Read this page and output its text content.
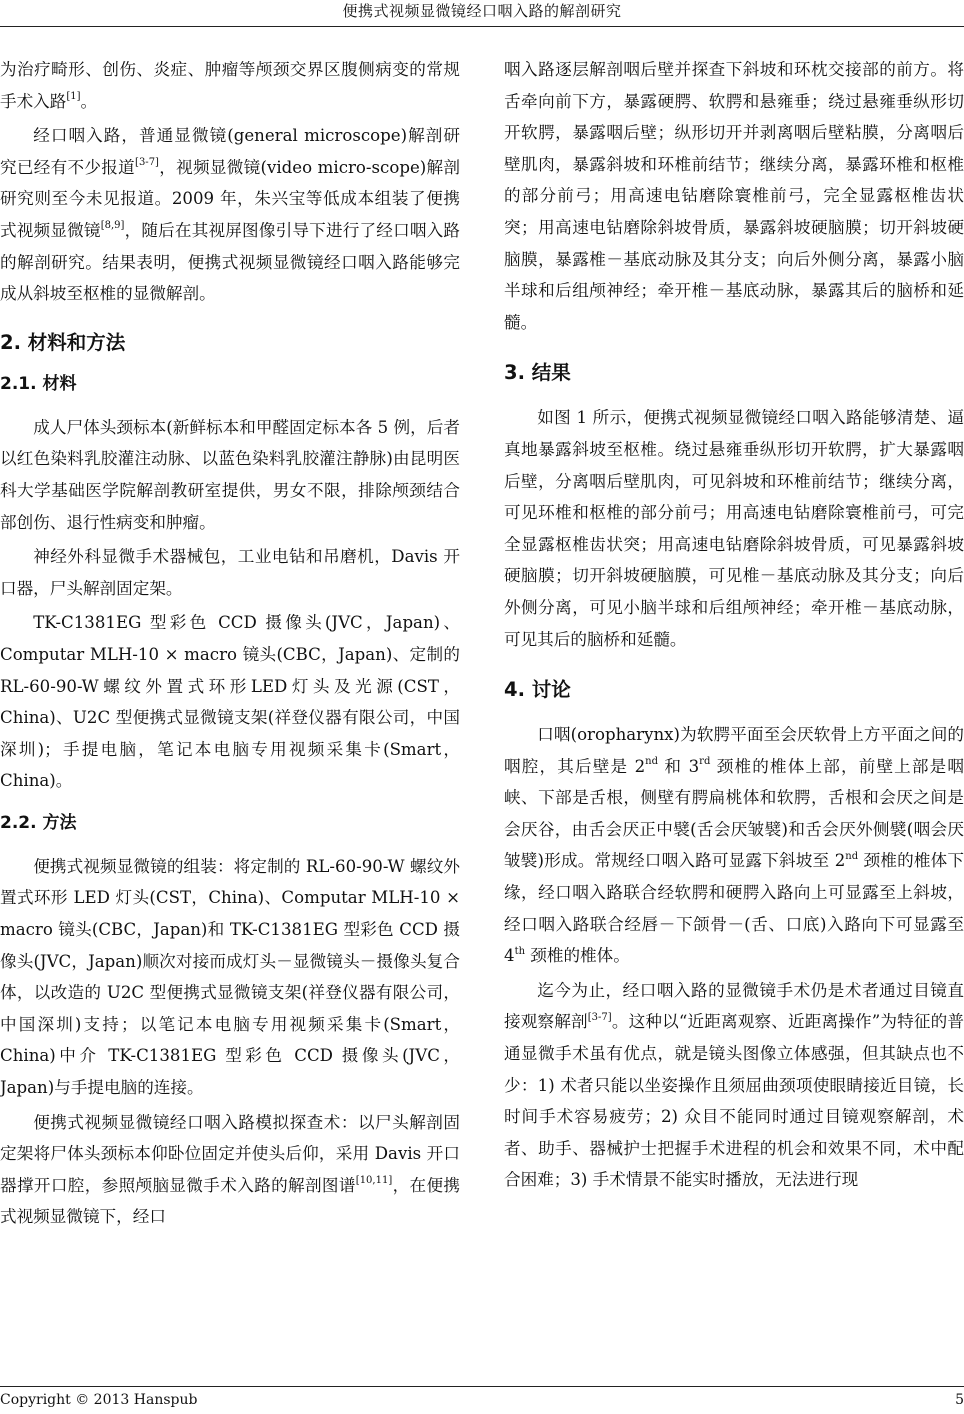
便携式视频显微镜经口咽入路的解剖研究

为治疗畸形、创伤、炎症、肿瘤等颅颈交界区腹侧病变的常规手术入路[1]。

经口咽入路，普通显微镜(general microscope)解剖研究已经有不少报道[3-7]，视频显微镜(video micro-scope)解剖研究则至今未见报道。2009 年，朱兴宝等低成本组装了便携式视频显微镜[8,9]，随后在其视屏图像引导下进行了经口咽入路的解剖研究。结果表明，便携式视频显微镜经口咽入路能够完成从斜坡至枢椎的显微解剖。

2. 材料和方法
2.1. 材料

成人尸体头颈标本(新鲜标本和甲醛固定标本各 5 例，后者以红色染料乳胶灌注动脉、以蓝色染料乳胶灌注静脉)由昆明医科大学基础医学院解剖教研室提供，男女不限，排除颅颈结合部创伤、退行性病变和肿瘤。

神经外科显微手术器械包，工业电钻和吊磨机，Davis 开口器，尸头解剖固定架。

TK-C1381EG 型彩色 CCD 摄像头(JVC，Japan)、Computar MLH-10 × macro 镜头(CBC，Japan)、定制的RL-60-90-W螺纹外置式环形LED灯头及光源(CST，China)、U2C 型便携式显微镜支架(祥登仪器有限公司，中国深圳)；手提电脑，笔记本电脑专用视频采集卡(Smart，China)。

2.2. 方法

便携式视频显微镜的组装：将定制的 RL-60-90-W 螺纹外置式环形 LED 灯头(CST，China)、Computar MLH-10 × macro 镜头(CBC，Japan)和 TK-C1381EG 型彩色 CCD 摄像头(JVC，Japan)顺次对接而成灯头－显微镜头－摄像头复合体，以改造的 U2C 型便携式显微镜支架(祥登仪器有限公司，中国深圳)支持；以笔记本电脑专用视频采集卡(Smart，China)中介 TK-C1381EG 型彩色 CCD 摄像头(JVC，Japan)与手提电脑的连接。

便携式视频显微镜经口咽入路模拟探查术：以尸头解剖固定架将尸体头颈标本仰卧位固定并使头后仰，采用 Davis 开口器撑开口腔，参照颅脑显微手术入路的解剖图谱[10,11]，在便携式视频显微镜下，经口

咽入路逐层解剖咽后壁并探查下斜坡和环枕交接部的前方。将舌牵向前下方，暴露硬腭、软腭和悬雍垂；绕过悬雍垂纵形切开软腭，暴露咽后壁；纵形切开并剥离咽后壁粘膜，分离咽后壁肌肉，暴露斜坡和环椎前结节；继续分离，暴露环椎和枢椎的部分前弓；用高速电钻磨除寰椎前弓，完全显露枢椎齿状突；用高速电钻磨除斜坡骨质，暴露斜坡硬脑膜；切开斜坡硬脑膜，暴露椎－基底动脉及其分支；向后外侧分离，暴露小脑半球和后组颅神经；牵开椎－基底动脉，暴露其后的脑桥和延髓。

3. 结果

如图 1 所示，便携式视频显微镜经口咽入路能够清楚、逼真地暴露斜坡至枢椎。绕过悬雍垂纵形切开软腭，扩大暴露咽后壁，分离咽后壁肌肉，可见斜坡和环椎前结节；继续分离，可见环椎和枢椎的部分前弓；用高速电钻磨除寰椎前弓，可完全显露枢椎齿状突；用高速电钻磨除斜坡骨质，可见暴露斜坡硬脑膜；切开斜坡硬脑膜，可见椎－基底动脉及其分支；向后外侧分离，可见小脑半球和后组颅神经；牵开椎－基底动脉，可见其后的脑桥和延髓。

4. 讨论

口咽(oropharynx)为软腭平面至会厌软骨上方平面之间的咽腔，其后壁是 2nd 和 3rd 颈椎的椎体上部，前壁上部是咽峡、下部是舌根，侧壁有腭扁桃体和软腭，舌根和会厌之间是会厌谷，由舌会厌正中襞(舌会厌皱襞)和舌会厌外侧襞(咽会厌皱襞)形成。常规经口咽入路可显露下斜坡至 2nd 颈椎的椎体下缘，经口咽入路联合经软腭和硬腭入路向上可显露至上斜坡，经口咽入路联合经唇－下颌骨－(舌、口底)入路向下可显露至 4th 颈椎的椎体。

迄今为止，经口咽入路的显微镜手术仍是术者通过目镜直接观察解剖[3-7]。这种以“近距离观察、近距离操作”为特征的普通显微手术虽有优点，就是镜头图像立体感强，但其缺点也不少：1) 术者只能以坐姿操作且须屈曲颈项使眼睛接近目镜，长时间手术容易疲劳；2) 众目不能同时通过目镜观察解剖，术者、助手、器械护士把握手术进程的机会和效果不同，术中配合困难；3) 手术情景不能实时播放，无法进行现

Copyright © 2013 Hanspub	5
